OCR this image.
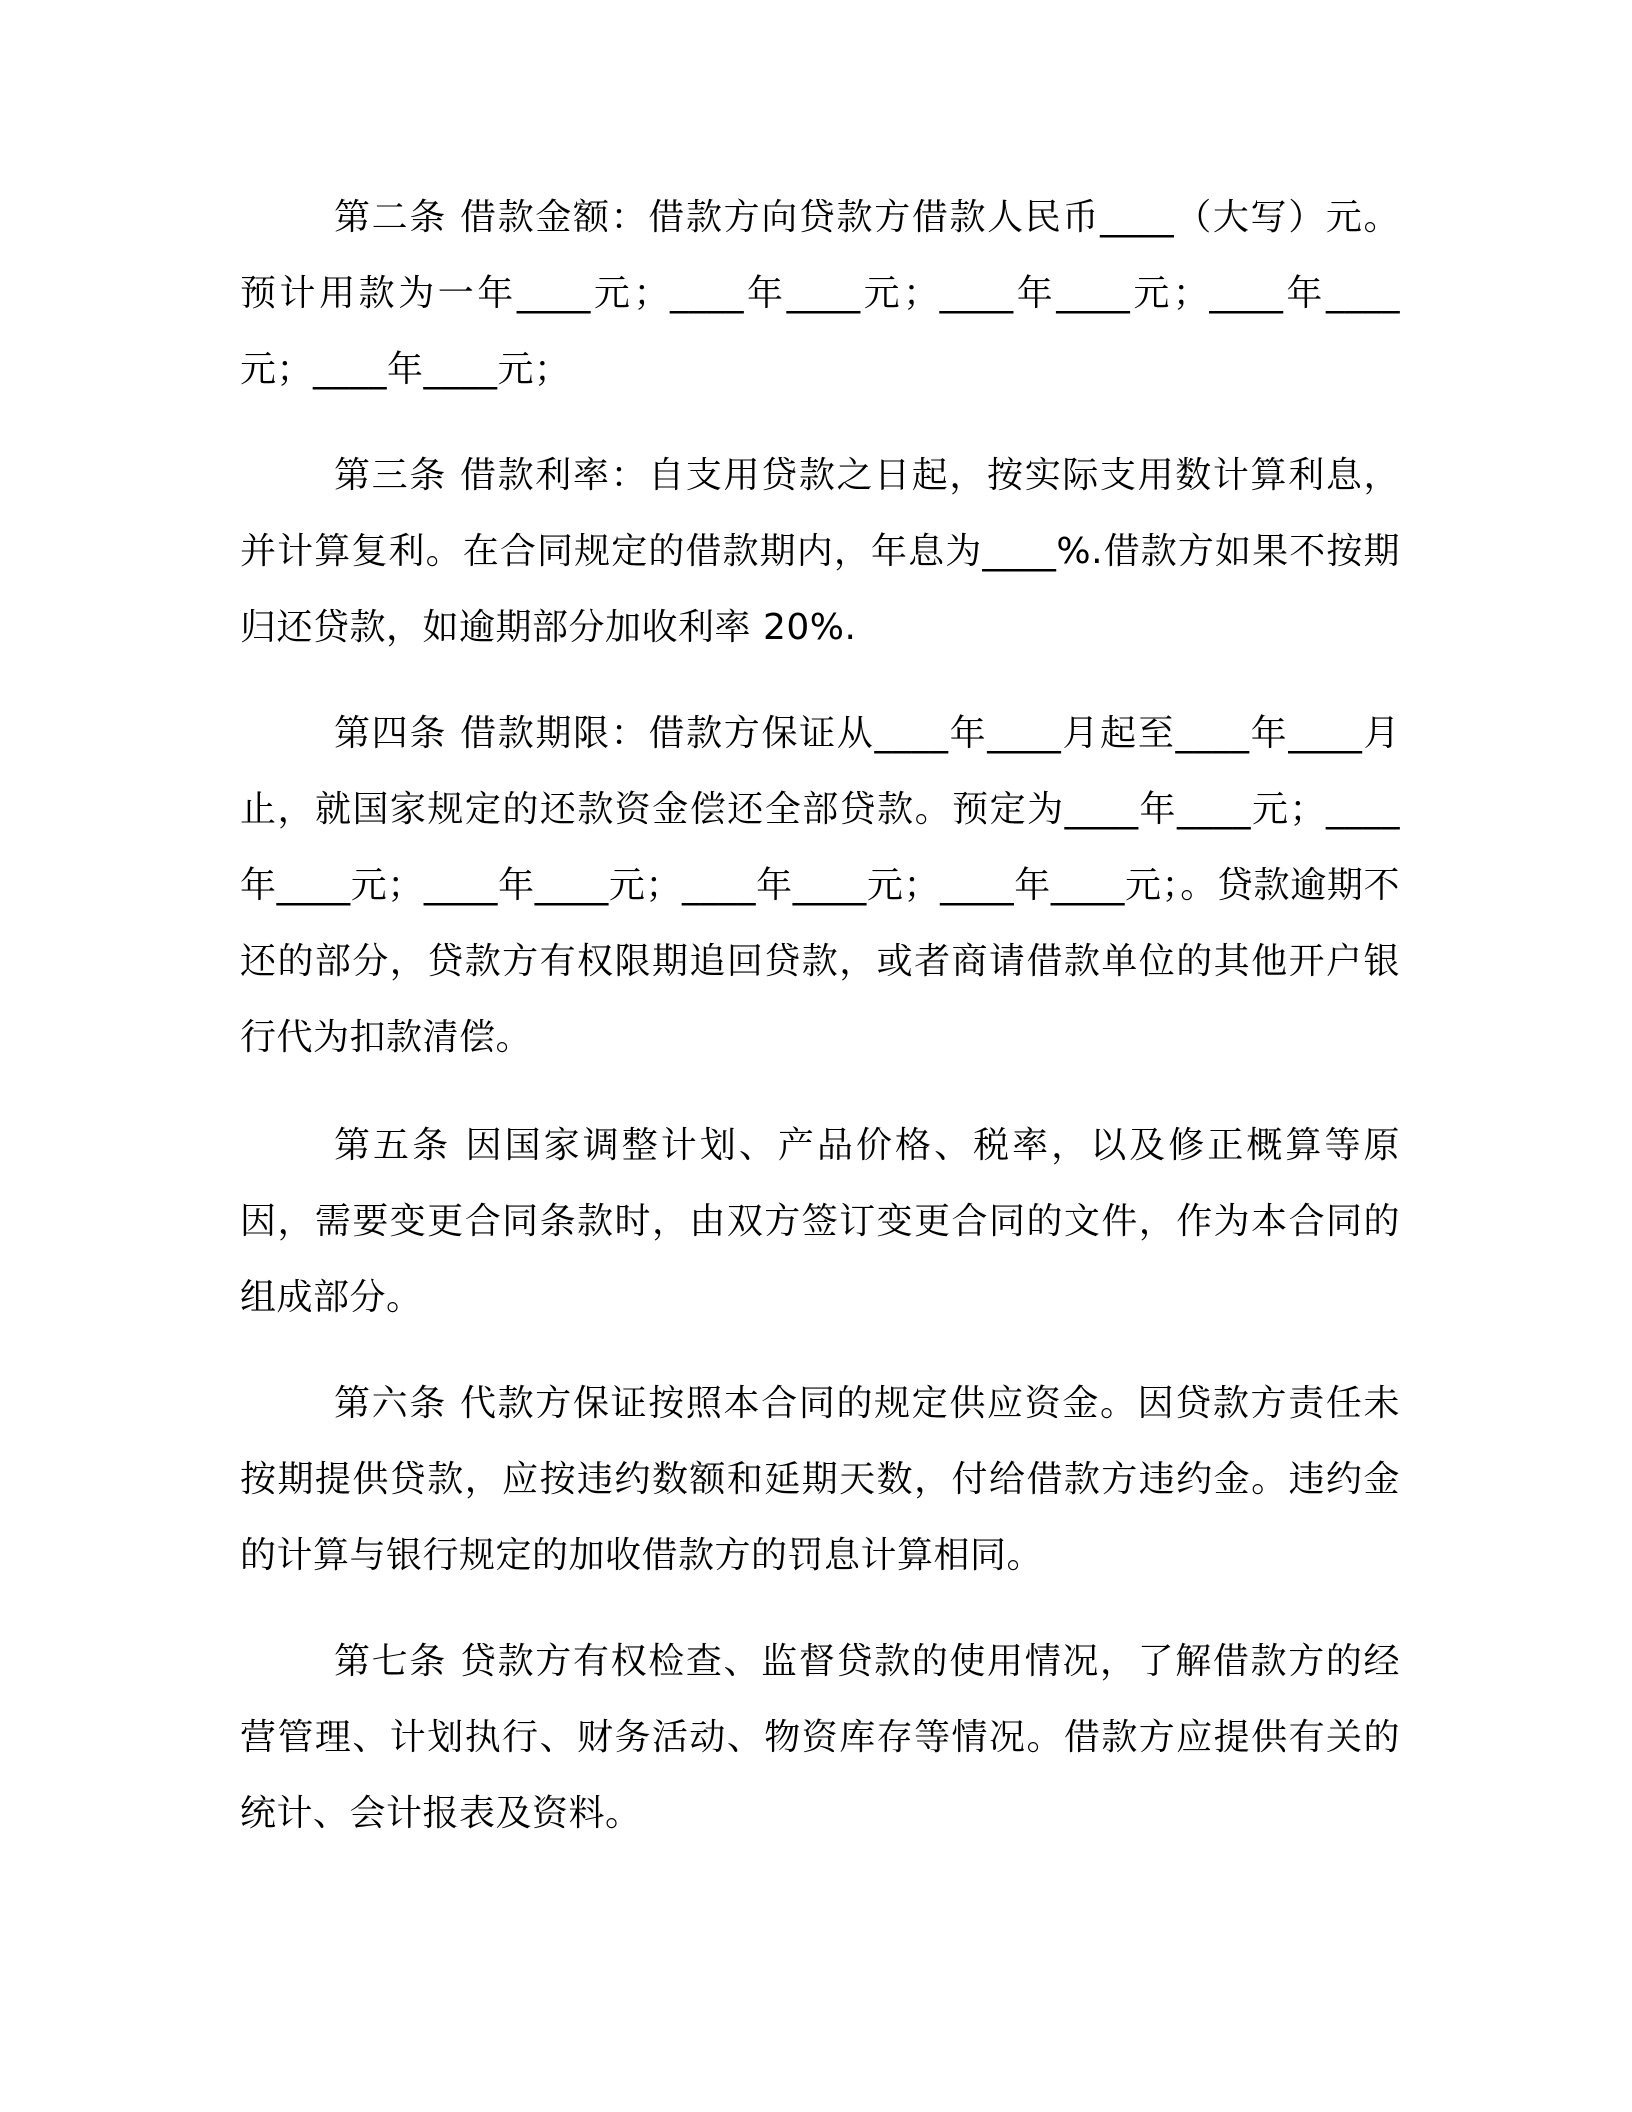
第二条 借款金额：借款方向贷款方借款人民币____（大写）元。预计用款为一年____元；____年____元；____年____元；____年____元；____年____元；

第三条 借款利率：自支用贷款之日起，按实际支用数计算利息，并计算复利。在合同规定的借款期内，年息为____%.借款方如果不按期归还贷款，如逾期部分加收利率 20%.

第四条 借款期限：借款方保证从____年____月起至____年____月止，就国家规定的还款资金偿还全部贷款。预定为____年____元；____年____元；____年____元；____年____元；____年____元；。贷款逾期不还的部分，贷款方有权限期追回贷款，或者商请借款单位的其他开户银行代为扣款清偿。

第五条 因国家调整计划、产品价格、税率，以及修正概算等原因，需要变更合同条款时，由双方签订变更合同的文件，作为本合同的组成部分。

第六条 代款方保证按照本合同的规定供应资金。因贷款方责任未按期提供贷款，应按违约数额和延期天数，付给借款方违约金。违约金的计算与银行规定的加收借款方的罚息计算相同。

第七条 贷款方有权检查、监督贷款的使用情况，了解借款方的经营管理、计划执行、财务活动、物资库存等情况。借款方应提供有关的统计、会计报表及资料。
